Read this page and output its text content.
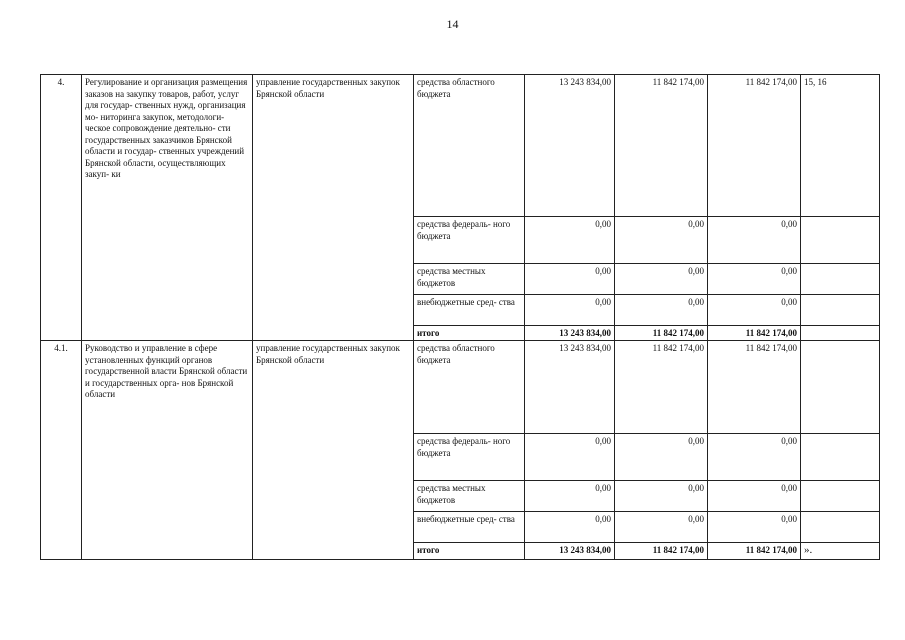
14
4.	Регулирование и организация размещения заказов на закупку товаров, работ, услуг для государ- ственных нужд, организация мо- ниторинга закупок, методологи- ческое сопровождение деятельно- сти государственных заказчиков Брянской области и государ- ственных учреждений Брянской области, осуществляющих закуп- ки	управление государственных закупок Брянской области	средства областного бюджета	13 243 834,00	11 842 174,00	11 842 174,00	15, 16
			средства федераль- ного бюджета	0,00	0,00	0,00	
			средства местных бюджетов	0,00	0,00	0,00	
			внебюджетные сред- ства	0,00	0,00	0,00	
			итого	13 243 834,00	11 842 174,00	11 842 174,00	
4.1.	Руководство и управление в сфере установленных функций органов государственной власти Брянской области и государственных орга- нов Брянской области	управление государственных закупок Брянской области	средства областного бюджета	13 243 834,00	11 842 174,00	11 842 174,00	
			средства федераль- ного бюджета	0,00	0,00	0,00	
			средства местных бюджетов	0,00	0,00	0,00	
			внебюджетные сред- ства	0,00	0,00	0,00	
			итого	13 243 834,00	11 842 174,00	11 842 174,00	».
